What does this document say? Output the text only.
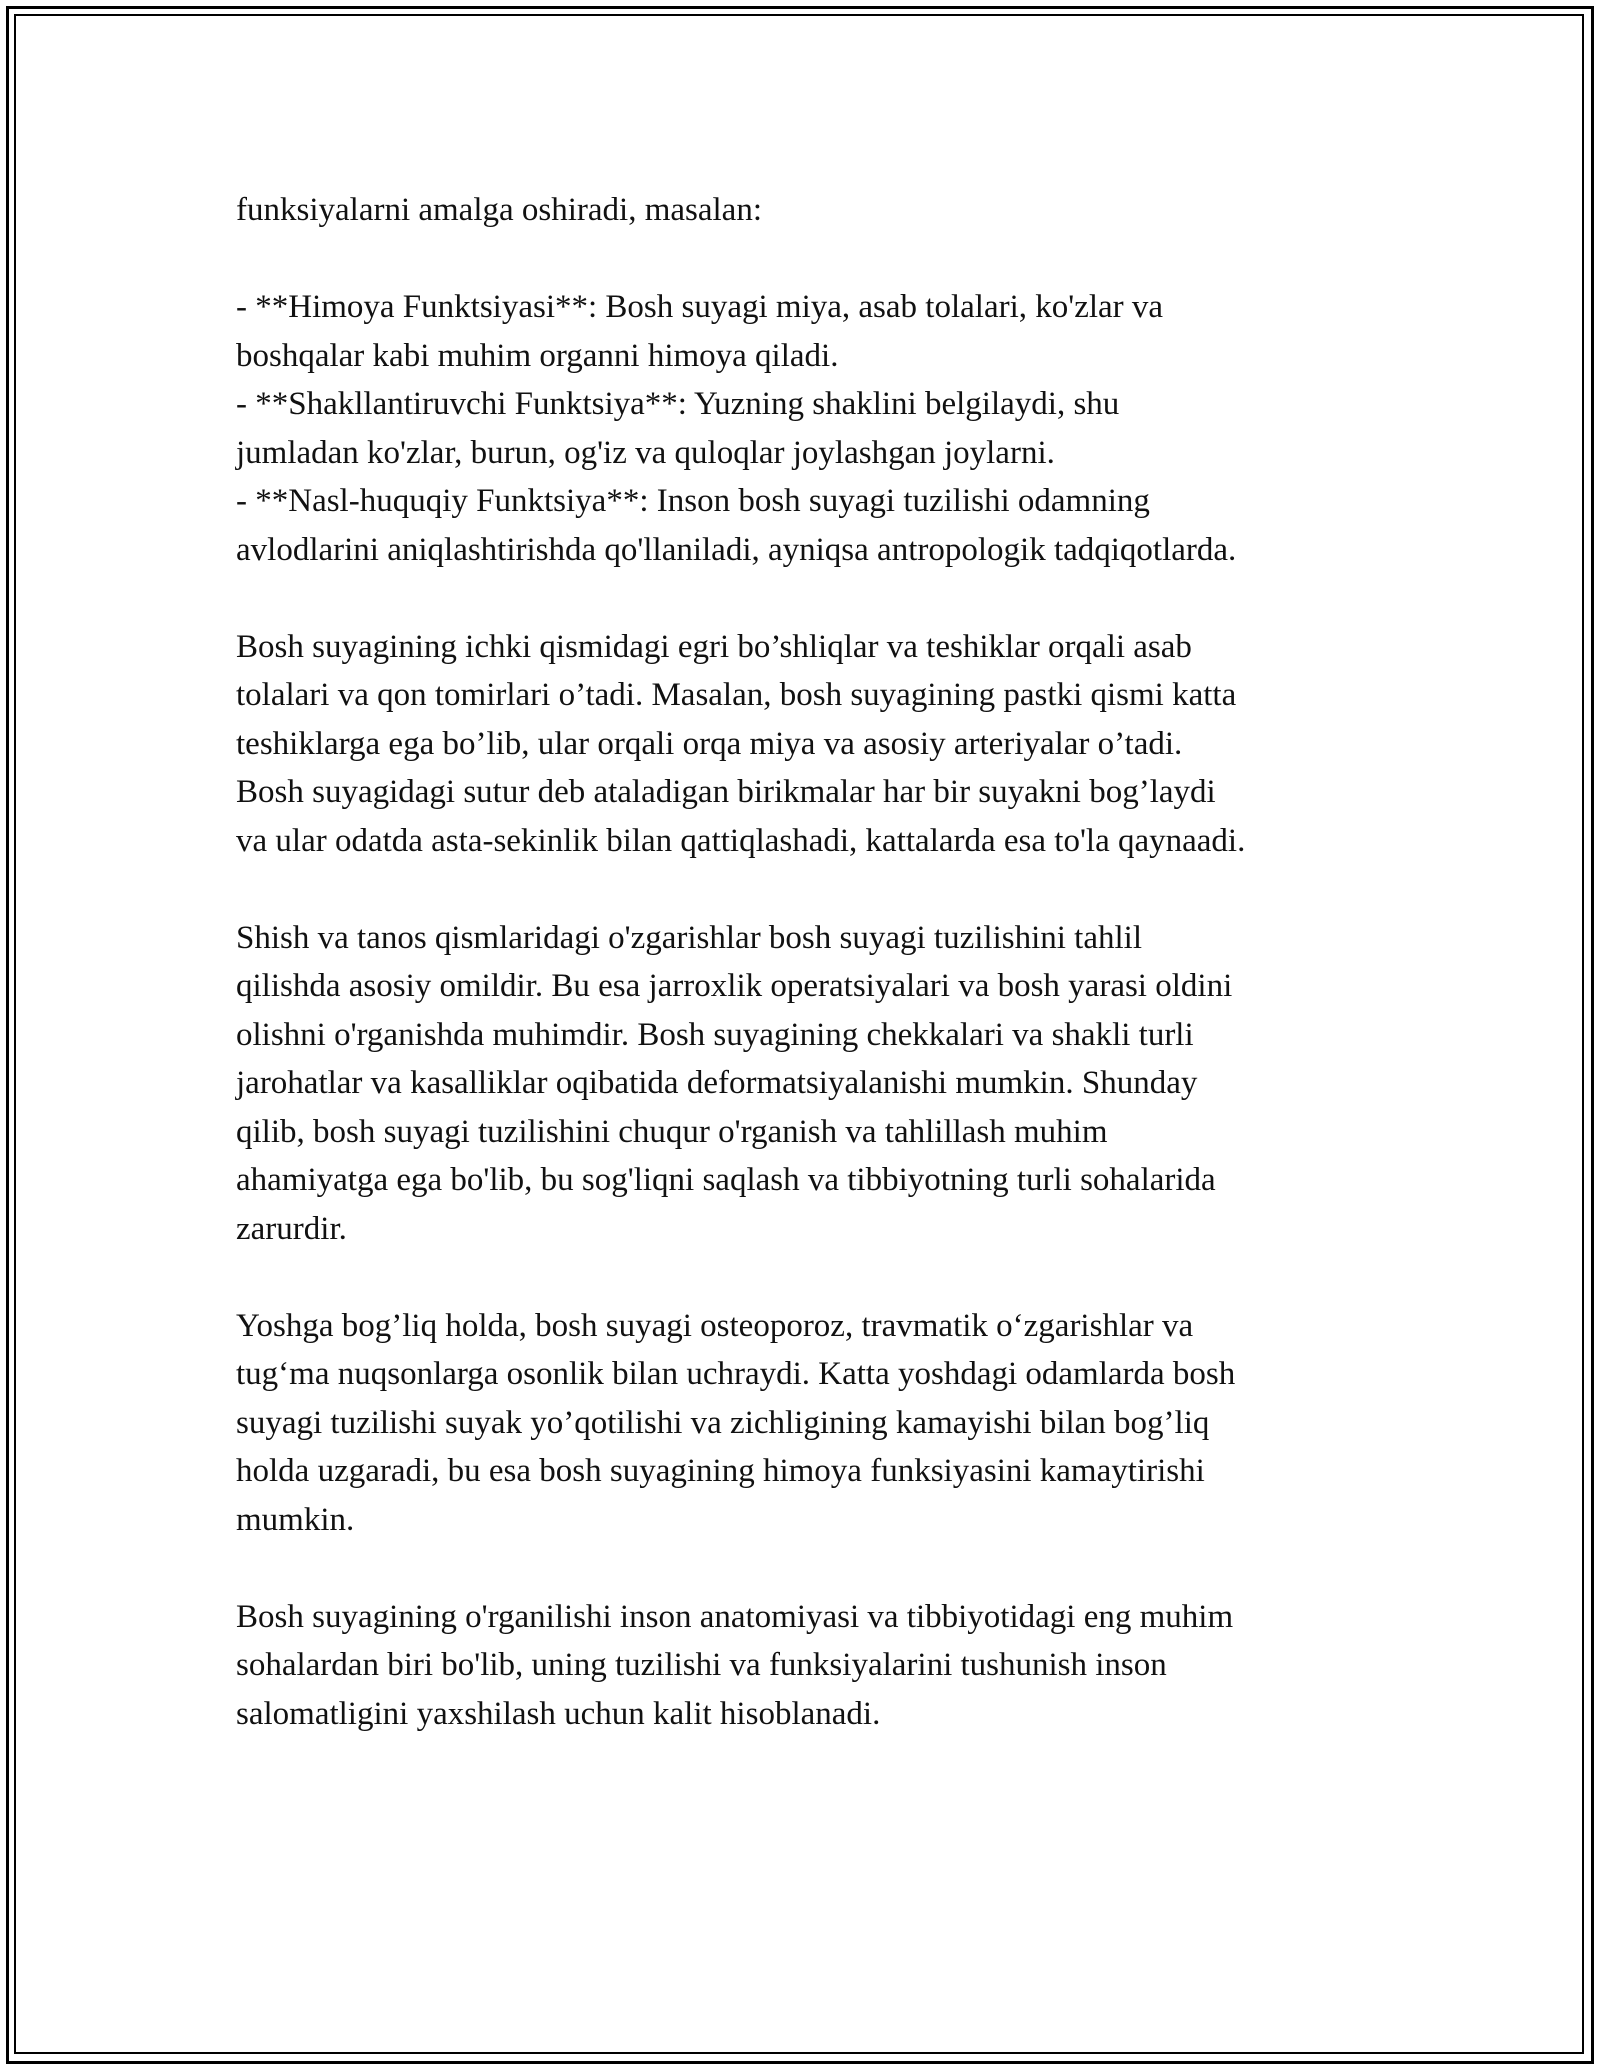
funksiyalarni amalga oshiradi, masalan:
- **Himoya Funktsiyasi**: Bosh suyagi miya, asab tolalari, ko'zlar va
boshqalar kabi muhim organni himoya qiladi.
- **Shakllantiruvchi Funktsiya**: Yuzning shaklini belgilaydi, shu
jumladan ko'zlar, burun, og'iz va quloqlar joylashgan joylarni.
- **Nasl-huquqiy Funktsiya**: Inson bosh suyagi tuzilishi odamning
avlodlarini aniqlashtirishda qo'llaniladi, ayniqsa antropologik tadqiqotlarda.
Bosh suyagining ichki qismidagi egri bo’shliqlar va teshiklar orqali asab
tolalari va qon tomirlari o’tadi. Masalan, bosh suyagining pastki qismi katta
teshiklarga ega bo’lib, ular orqali orqa miya va asosiy arteriyalar o’tadi.
Bosh suyagidagi sutur deb ataladigan birikmalar har bir suyakni bog’laydi
va ular odatda asta-sekinlik bilan qattiqlashadi, kattalarda esa to'la qaynaadi.
Shish va tanos qismlaridagi o'zgarishlar bosh suyagi tuzilishini tahlil
qilishda asosiy omildir. Bu esa jarroxlik operatsiyalari va bosh yarasi oldini
olishni o'rganishda muhimdir. Bosh suyagining chekkalari va shakli turli
jarohatlar va kasalliklar oqibatida deformatsiyalanishi mumkin. Shunday
qilib, bosh suyagi tuzilishini chuqur o'rganish va tahlillash muhim
ahamiyatga ega bo'lib, bu sog'liqni saqlash va tibbiyotning turli sohalarida
zarurdir.
Yoshga bog’liq holda, bosh suyagi osteoporoz, travmatik o‘zgarishlar va
tug‘ma nuqsonlarga osonlik bilan uchraydi. Katta yoshdagi odamlarda bosh
suyagi tuzilishi suyak yo’qotilishi va zichligining kamayishi bilan bog’liq
holda uzgaradi, bu esa bosh suyagining himoya funksiyasini kamaytirishi
mumkin.
Bosh suyagining o'rganilishi inson anatomiyasi va tibbiyotidagi eng muhim
sohalardan biri bo'lib, uning tuzilishi va funksiyalarini tushunish inson
salomatligini yaxshilash uchun kalit hisoblanadi.
